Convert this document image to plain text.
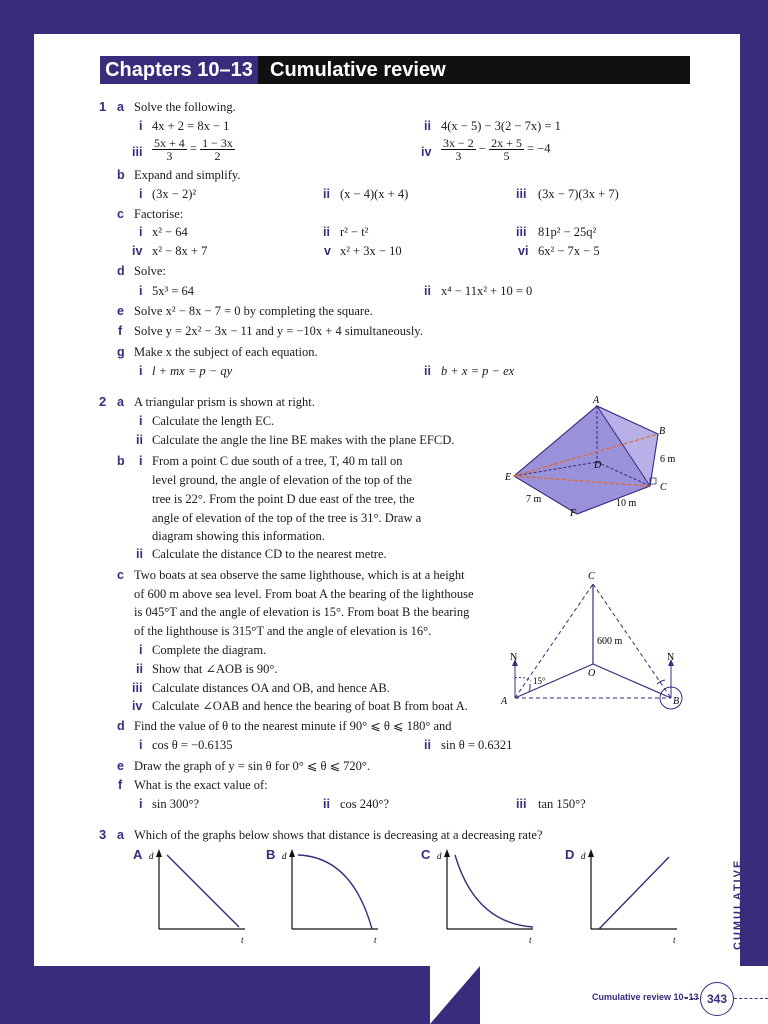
Chapters 10–13 Cumulative review
1 a Solve the following.
i 4x + 2 = 8x − 1	ii 4(x − 5) − 3(2 − 7x) = 1
iii $\frac{5x + 4}{3} = \frac{1 - 3x}{2}$	iv $\frac{3x - 2}{3} - \frac{2x + 5}{5} = -4$
b Expand and simplify.
i (3x − 2)²	ii (x − 4)(x + 4)	iii (3x − 7)(3x + 7)
c Factorise:
i x² − 64	ii r² − t²	iii 81p² − 25q²
iv x² − 8x + 7	v x² + 3x − 10	vi 6x² − 7x − 5
d Solve:
i 5x³ = 64	ii x⁴ − 11x² + 10 = 0
e Solve x² − 8x − 7 = 0 by completing the square.
f Solve y = 2x² − 3x − 11 and y = −10x + 4 simultaneously.
g Make x the subject of each equation.
i l + mx = p − qy	ii b + x = p − ex
2 a A triangular prism is shown at right.
i Calculate the length EC.
ii Calculate the angle the line BE makes with the plane EFCD.
b i From a point C due south of a tree, T, 40 m tall on
level ground, the angle of elevation of the top of the
tree is 22°. From the point D due east of the tree, the
angle of elevation of the top of the tree is 31°. Draw a
diagram showing this information.
ii Calculate the distance CD to the nearest metre.
c Two boats at sea observe the same lighthouse, which is at a height
of 600 m above sea level. From boat A the bearing of the lighthouse
is 045°T and the angle of elevation is 15°. From boat B the bearing
of the lighthouse is 315°T and the angle of elevation is 16°.
i Complete the diagram.
ii Show that ∠AOB is 90°.
iii Calculate distances OA and OB, and hence AB.
iv Calculate ∠OAB and hence the bearing of boat B from boat A.
d Find the value of θ to the nearest minute if 90° ⩽ θ ⩽ 180° and
i cos θ = −0.6135	ii sin θ = 0.6321
e Draw the graph of y = sin θ for 0° ⩽ θ ⩽ 720°.
f What is the exact value of:
i sin 300°?	ii cos 240°?	iii tan 150°?
3 a Which of the graphs below shows that distance is decreasing at a decreasing rate?
A
B
C
D
E
F
6 m
7 m	10 m
C
O
A	B
N	N
600 m
15°
A d
t
B d
t
C d
t
D d
t	CUMULATIVE REVIEW 10–13
Cumulative review 10–13 343
